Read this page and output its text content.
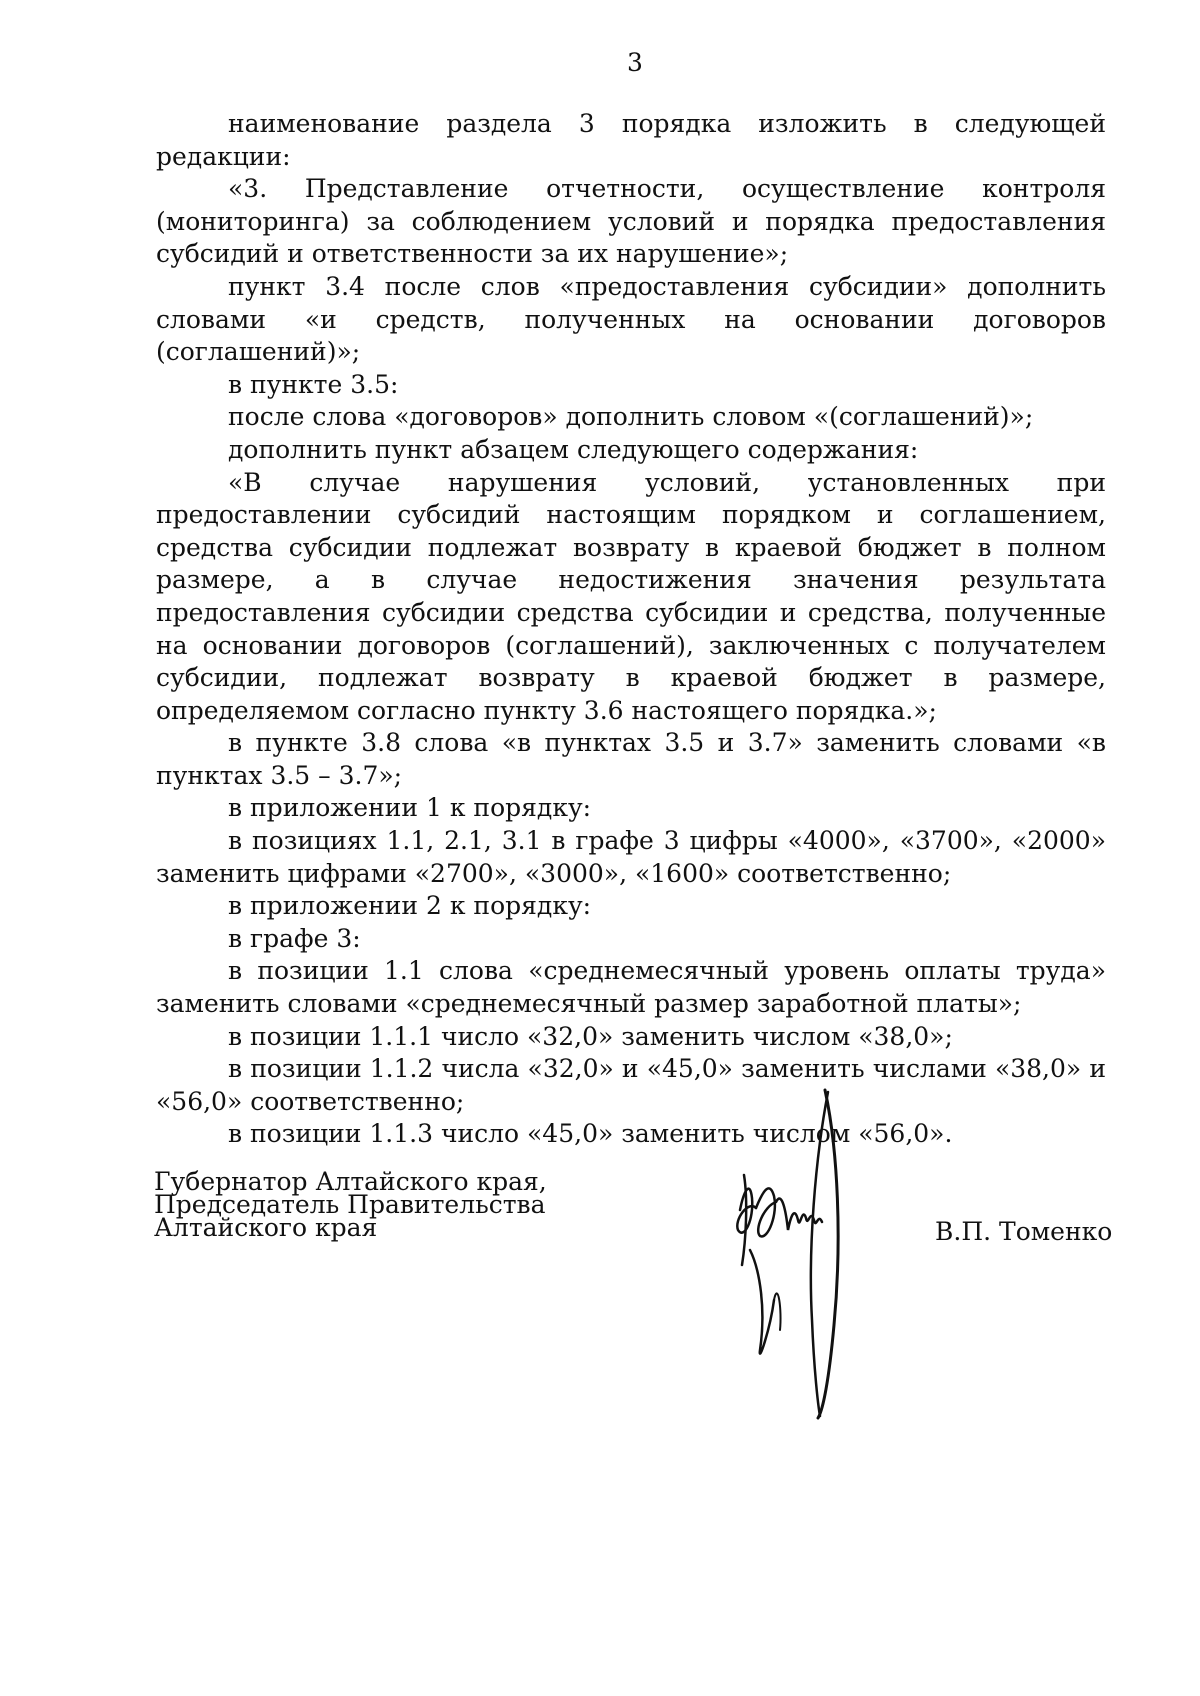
3

наименование раздела 3 порядка изложить в следующей редакции:

«3. Представление отчетности, осуществление контроля (мониторинга) за соблюдением условий и порядка предоставления субсидий и ответственности за их нарушение»;

пункт 3.4 после слов «предоставления субсидии» дополнить словами «и средств, полученных на основании договоров (соглашений)»;

в пункте 3.5:

после слова «договоров» дополнить словом «(соглашений)»;

дополнить пункт абзацем следующего содержания:

«В случае нарушения условий, установленных при предоставлении субсидий настоящим порядком и соглашением, средства субсидии подлежат возврату в краевой бюджет в полном размере, а в случае недостижения значения результата предоставления субсидии средства субсидии и средства, полученные на основании договоров (соглашений), заключенных с получателем субсидии, подлежат возврату в краевой бюджет в размере, определяемом согласно пункту 3.6 настоящего порядка.»;

в пункте 3.8 слова «в пунктах 3.5 и 3.7» заменить словами «в пунктах 3.5 – 3.7»;

в приложении 1 к порядку:

в позициях 1.1, 2.1, 3.1 в графе 3 цифры «4000», «3700», «2000» заменить цифрами «2700», «3000», «1600» соответственно;

в приложении 2 к порядку:

в графе 3:

в позиции 1.1 слова «среднемесячный уровень оплаты труда» заменить словами «среднемесячный размер заработной платы»;

в позиции 1.1.1 число «32,0» заменить числом «38,0»;

в позиции 1.1.2 числа «32,0» и «45,0» заменить числами «38,0» и «56,0» соответственно;

в позиции 1.1.3 число «45,0» заменить числом «56,0».

Губернатор Алтайского края,
Председатель Правительства
Алтайского края	В.П. Томенко
